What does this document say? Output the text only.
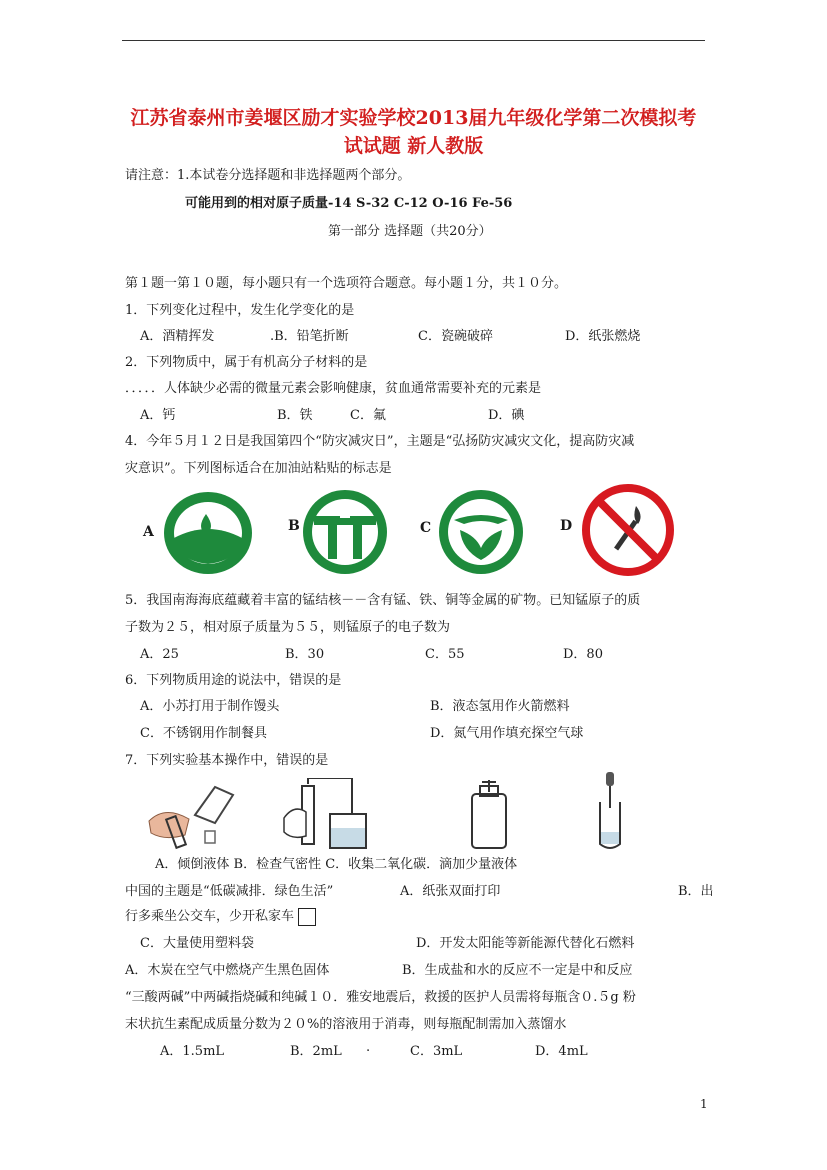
江苏省泰州市姜堰区励才实验学校2013届九年级化学第二次模拟考
试试题 新人教版
请注意：1.本试卷分选择题和非选择题两个部分。
可能用到的相对原子质量-14 S-32 C-12 O-16 Fe-56
第一部分 选择题（共20分）
第１题一第１０题，每小题只有一个选项符合题意。每小题１分，共１０分。
1．下列变化过程中，发生化学变化的是
A．酒精挥发	.B．铅笔折断	C．瓷碗破碎	D．纸张燃烧
2．下列物质中，属于有机高分子材料的是
．．．．．人体缺少必需的微量元素会影响健康，贫血通常需要补充的元素是
A．钙	B．铁	C．氟	D．碘
4．今年５月１２日是我国第四个“防灾减灾日”，主题是“弘扬防灾减灾文化，提高防灾减
灾意识”。下列图标适合在加油站粘贴的标志是
A	B	C	D
5．我国南海海底蕴藏着丰富的锰结核－－含有锰、铁、铜等金属的矿物。已知锰原子的质
子数为２５，相对原子质量为５５，则锰原子的电子数为
A．25	B．30	C．55	D．80
6．下列物质用途的说法中，错误的是
A．小苏打用于制作馒头	B．液态氢用作火箭燃料
C．不锈钢用作制餐具	D．氮气用作填充探空气球
7．下列实验基本操作中，错误的是
A．倾倒液体 B．检查气密性 C．收集二氧化碳．滴加少量液体
中国的主题是“低碳减排．绿色生活”	A．纸张双面打印	B．出
行多乘坐公交车，少开私家车
C．大量使用塑料袋	D．开发太阳能等新能源代替化石燃料
A．木炭在空气中燃烧产生黑色固体	B．生成盐和水的反应不一定是中和反应
“三酸两碱”中两碱指烧碱和纯碱１０．雅安地震后，救援的医护人员需将每瓶含０.５g 粉
末状抗生素配成质量分数为２０%的溶液用于消毒，则每瓶配制需加入蒸馏水
A．1.5mL	B．2mL .	C．3mL	D．4mL
1
